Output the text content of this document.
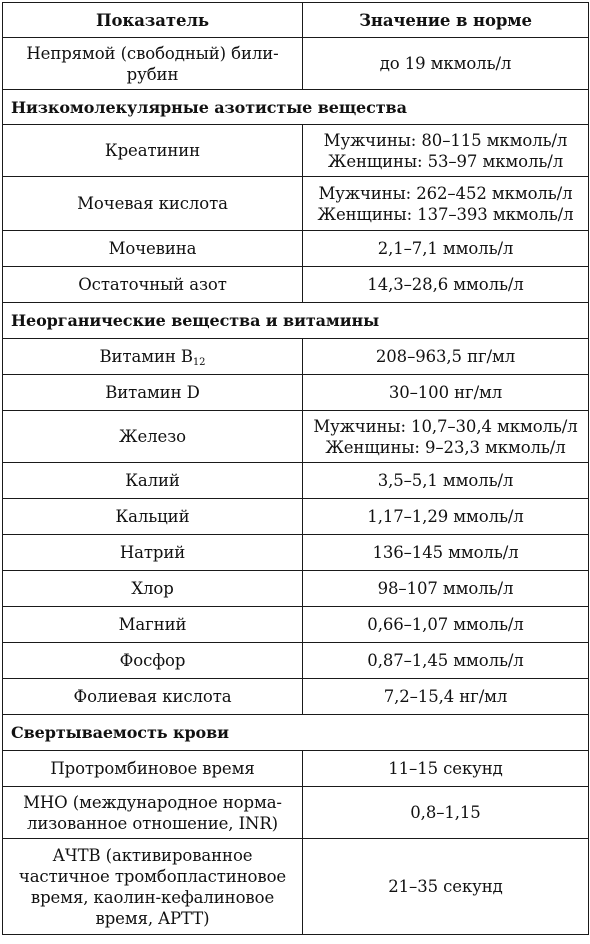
Показатель	Значение в норме

Непрямой (свободный) били-
рубин	до 19 мкмоль/л

Низкомолекулярные азотистые вещества	

Креатинин	Мужчины: 80–115 мкмоль/л
Женщины: 53–97 мкмоль/л

Мочевая кислота	Мужчины: 262–452 мкмоль/л
Женщины: 137–393 мкмоль/л

Мочевина	2,1–7,1 ммоль/л

Остаточный азот	14,3–28,6 ммоль/л

Неорганические вещества и витамины	

Витамин $B_{12}$	208–963,5 пг/мл

Витамин D	30–100 нг/мл

Железо	Мужчины: 10,7–30,4 мкмоль/л
Женщины: 9–23,3 мкмоль/л

Калий	3,5–5,1 ммоль/л

Кальций	1,17–1,29 ммоль/л

Натрий	136–145 ммоль/л

Хлор	98–107 ммоль/л

Магний	0,66–1,07 ммоль/л

Фосфор	0,87–1,45 ммоль/л

Фолиевая кислота	7,2–15,4 нг/мл

Свертываемость крови	

Протромбиновое время	11–15 секунд

МНО (международное норма-
лизованное отношение, INR)	0,8–1,15

АЧТВ (активированное
частичное тромбопластиновое
время, каолин-кефалиновое
время, APTT)	21–35 секунд
